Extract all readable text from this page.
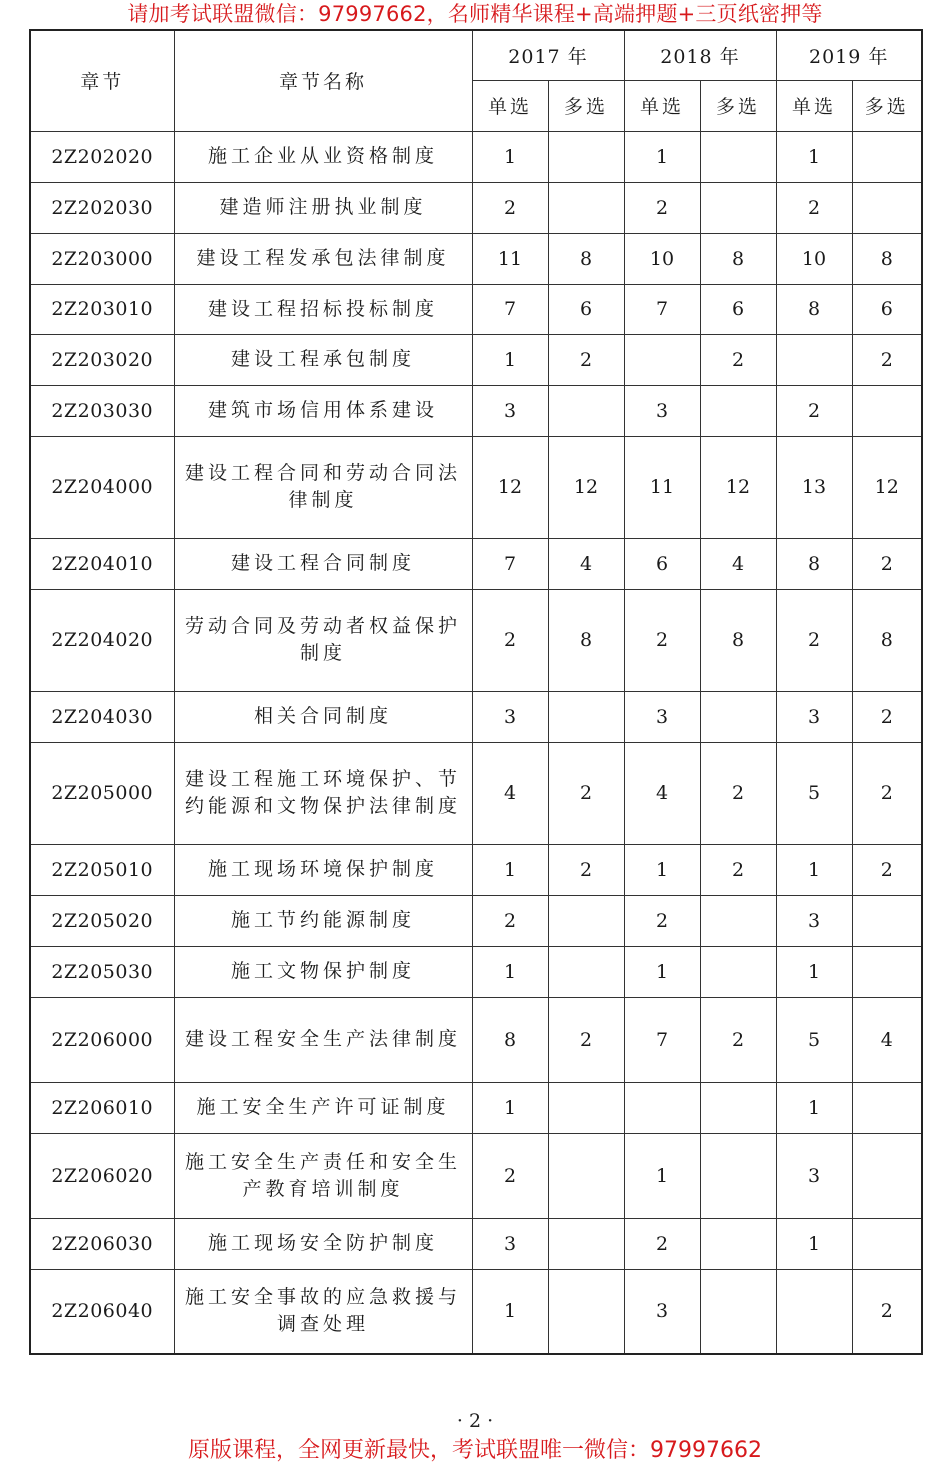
请加考试联盟微信：97997662，名师精华课程+高端押题+三页纸密押等
章节	章节名称	2017 年		2018 年		2019 年	
		单选	多选	单选	多选	单选	多选
2Z202020	施工企业从业资格制度	1		1		1	
2Z202030	建造师注册执业制度	2		2		2	
2Z203000	建设工程发承包法律制度	11	8	10	8	10	8
2Z203010	建设工程招标投标制度	7	6	7	6	8	6
2Z203020	建设工程承包制度	1	2		2		2
2Z203030	建筑市场信用体系建设	3		3		2	
2Z204000	建设工程合同和劳动合同法律制度	12	12	11	12	13	12
2Z204010	建设工程合同制度	7	4	6	4	8	2
2Z204020	劳动合同及劳动者权益保护制度	2	8	2	8	2	8
2Z204030	相关合同制度	3		3		3	2
2Z205000	建设工程施工环境保护、节约能源和文物保护法律制度	4	2	4	2	5	2
2Z205010	施工现场环境保护制度	1	2	1	2	1	2
2Z205020	施工节约能源制度	2		2		3	
2Z205030	施工文物保护制度	1		1		1	
2Z206000	建设工程安全生产法律制度	8	2	7	2	5	4
2Z206010	施工安全生产许可证制度	1				1	
2Z206020	施工安全生产责任和安全生产教育培训制度	2		1		3	
2Z206030	施工现场安全防护制度	3		2		1	
2Z206040	施工安全事故的应急救援与调查处理	1		3			2
· 2 ·
原版课程，全网更新最快，考试联盟唯一微信：97997662
